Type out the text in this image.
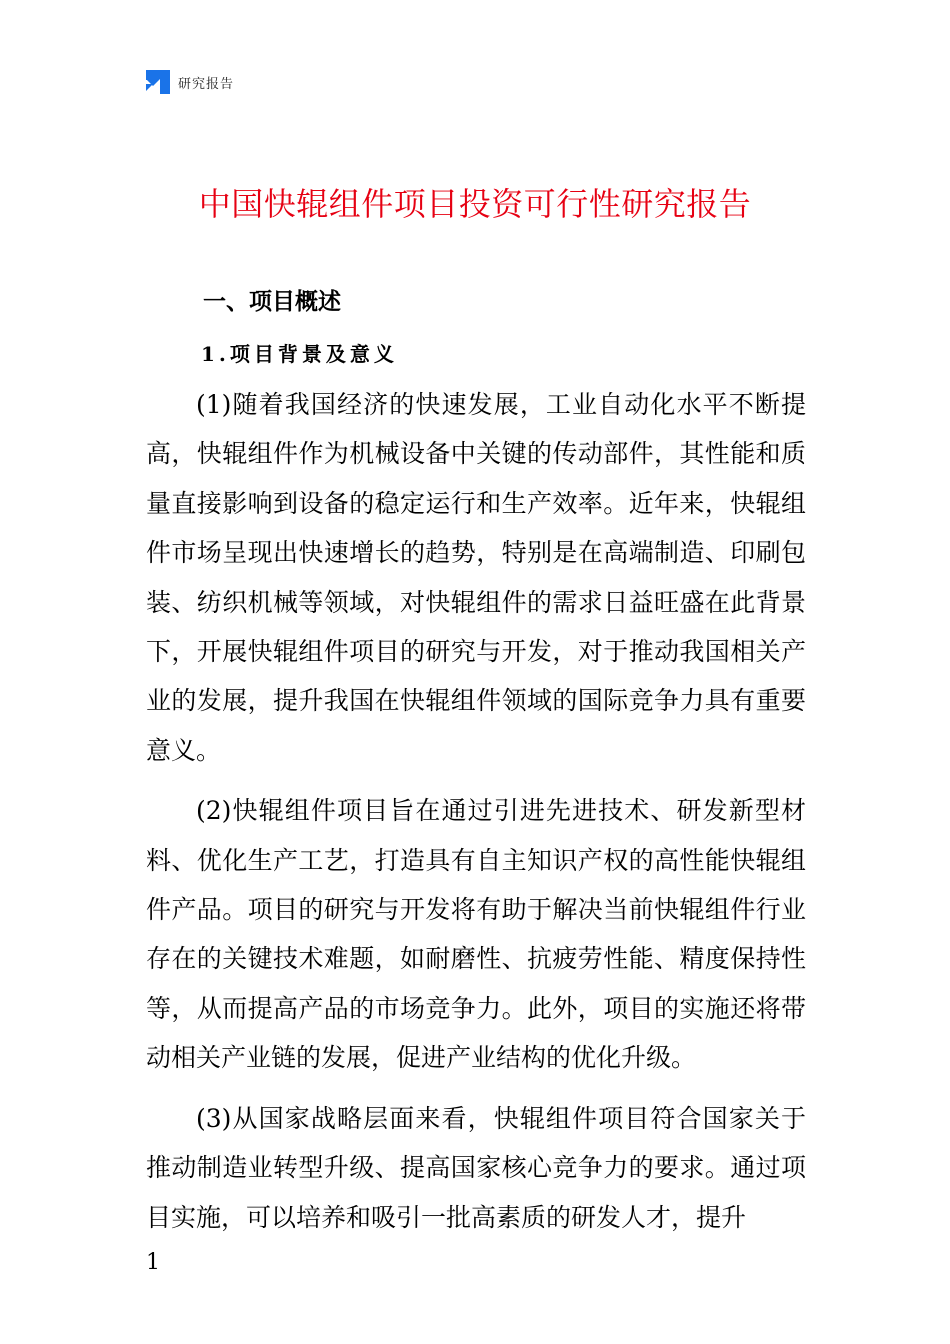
研究报告
中国快辊组件项目投资可行性研究报告
一、项目概述
1.项目背景及意义

(1)随着我国经济的快速发展，工业自动化水平不断提高，快辊组件作为机械设备中关键的传动部件，其性能和质量直接影响到设备的稳定运行和生产效率。近年来，快辊组件市场呈现出快速增长的趋势，特别是在高端制造、印刷包装、纺织机械等领域，对快辊组件的需求日益旺盛在此背景下，开展快辊组件项目的研究与开发，对于推动我国相关产业的发展，提升我国在快辊组件领域的国际竞争力具有重要意义。

(2)快辊组件项目旨在通过引进先进技术、研发新型材料、优化生产工艺，打造具有自主知识产权的高性能快辊组件产品。项目的研究与开发将有助于解决当前快辊组件行业存在的关键技术难题，如耐磨性、抗疲劳性能、精度保持性等，从而提高产品的市场竞争力。此外，项目的实施还将带动相关产业链的发展，促进产业结构的优化升级。

(3)从国家战略层面来看，快辊组件项目符合国家关于推动制造业转型升级、提高国家核心竞争力的要求。通过项目实施，可以培养和吸引一批高素质的研发人才，提升

1
